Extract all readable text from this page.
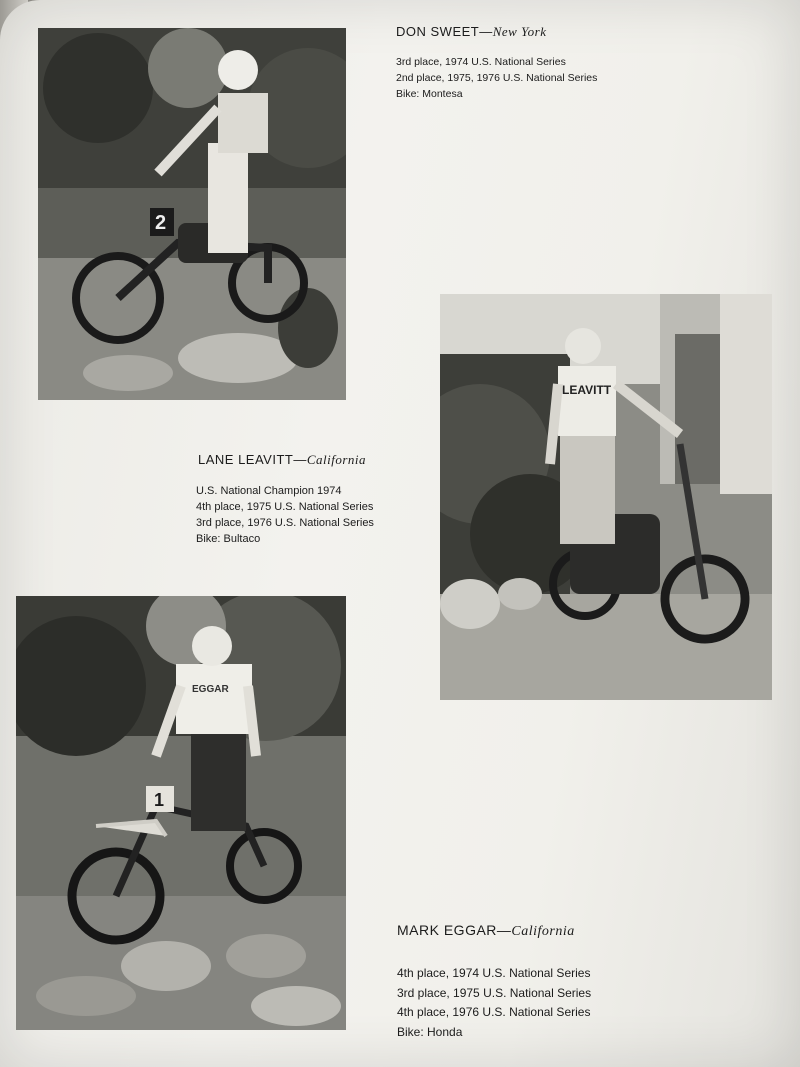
2
DON SWEET—New York
3rd place, 1974 U.S. National Series
2nd place, 1975, 1976 U.S. National Series
Bike: Montesa
LEAVITT
LANE LEAVITT—California
U.S. National Champion 1974
4th place, 1975 U.S. National Series
3rd place, 1976 U.S. National Series
Bike: Bultaco
1
EGGAR
MARK EGGAR—California
4th place, 1974 U.S. National Series
3rd place, 1975 U.S. National Series
4th place, 1976 U.S. National Series
Bike: Honda
